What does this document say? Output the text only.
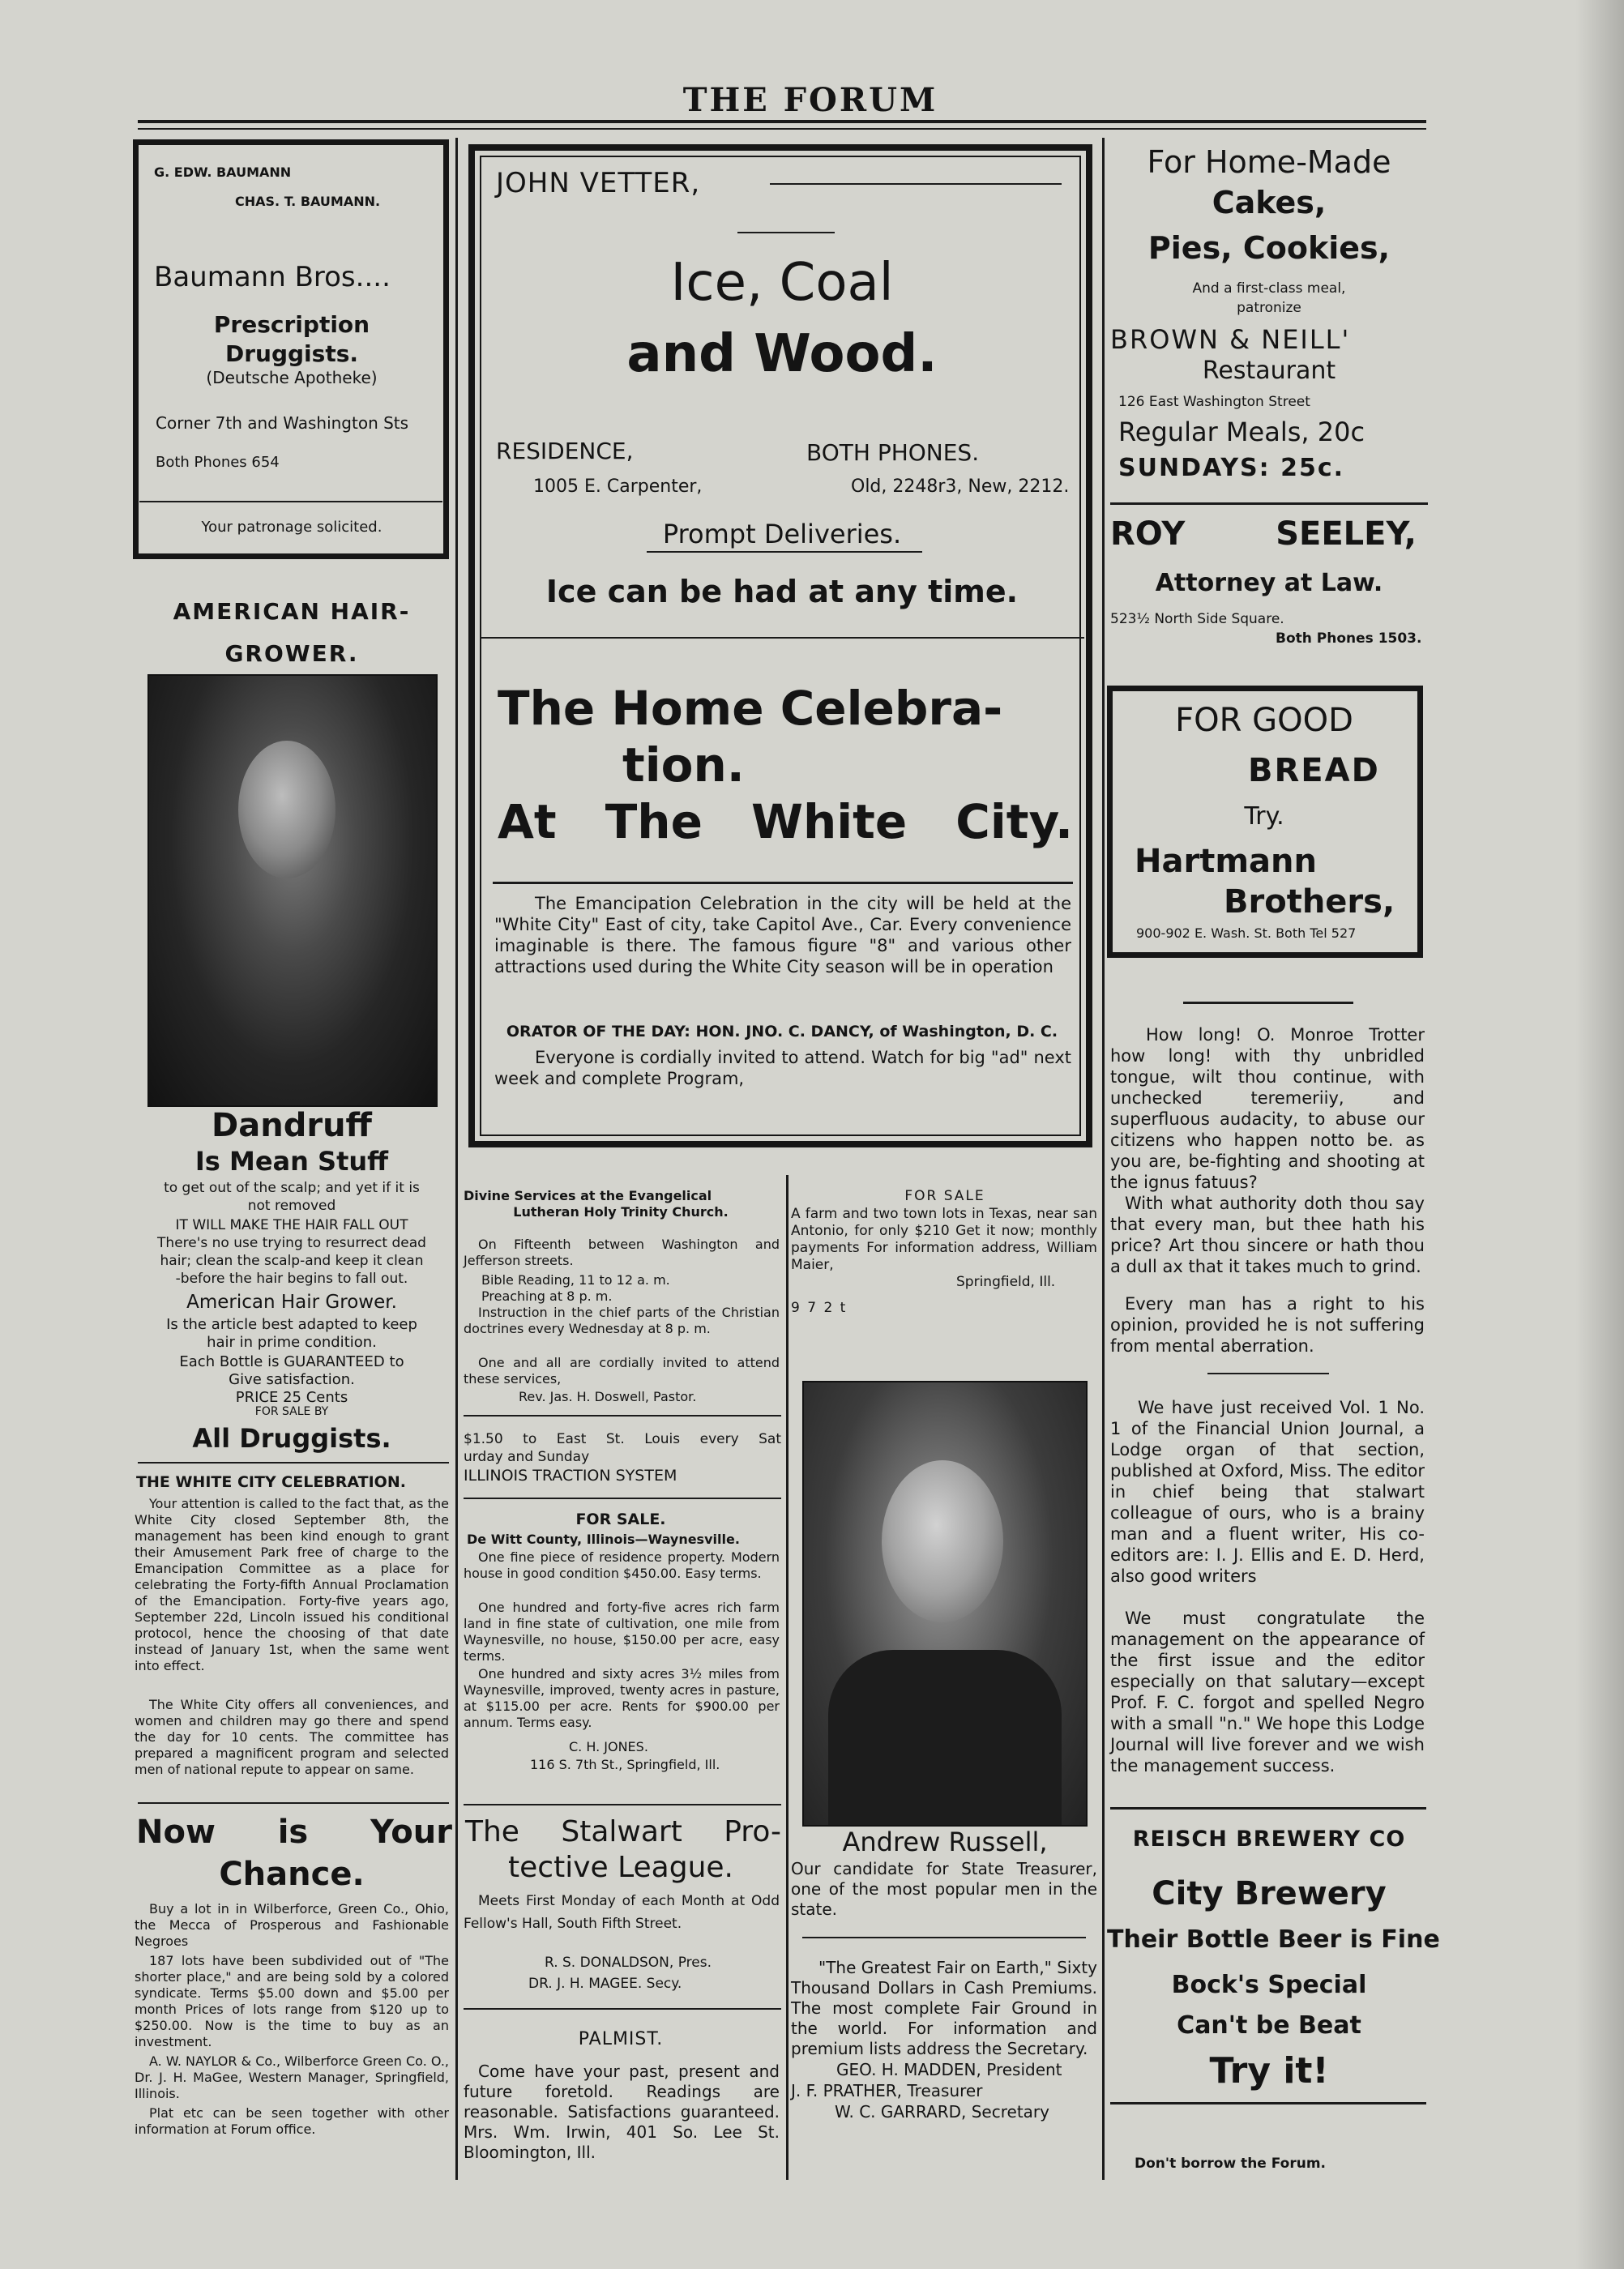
THE FORUM
G. EDW. BAUMANN
CHAS. T. BAUMANN.
Baumann Bros....
Prescription
Druggists.
(Deutsche Apotheke)
Corner 7th and Washington Sts
Both Phones 654
Your patronage solicited.
AMERICAN HAIR-
GROWER.
Dandruff
Is Mean Stuff
to get out of the scalp; and yet if it is
not removed
IT WILL MAKE THE HAIR FALL OUT
There's no use trying to resurrect dead
hair; clean the scalp-and keep it clean
-before the hair begins to fall out.
American Hair Grower.
Is the article best adapted to keep
hair in prime condition.
Each Bottle is GUARANTEED to
Give satisfaction.
PRICE 25 Cents
FOR SALE BY
All Druggists.
THE WHITE CITY CELEBRATION.
Your attention is called to the fact that, as the White City closed September 8th, the management has been kind enough to grant their Amusement Park free of charge to the Emancipation Committee as a place for celebrating the Forty-fifth Annual Proclamation of the Emancipation. Forty-five years ago, September 22d, Lincoln issued his conditional protocol, hence the choosing of that date instead of January 1st, when the same went into effect.
The White City offers all conveniences, and women and children may go there and spend the day for 10 cents. The committee has prepared a magnificent program and selected men of national repute to appear on same.
Now is Your
Chance.
Buy a lot in in Wilberforce, Green Co., Ohio, the Mecca of Prosperous and Fashionable Negroes
187 lots have been subdivided out of "The shorter place," and are being sold by a colored syndicate. Terms $5.00 down and $5.00 per month Prices of lots range from $120 up to $250.00. Now is the time to buy as an investment.
A. W. NAYLOR & Co., Wilberforce Green Co. O., Dr. J. H. MaGee, Western Manager, Springfield, Illinois.
Plat etc can be seen together with other information at Forum office.
JOHN VETTER,
Ice, Coal
and Wood.
RESIDENCE,
1005 E. Carpenter,
BOTH PHONES.
Old, 2248r3, New, 2212.
Prompt Deliveries.
Ice can be had at any time.
The Home Celebra-
tion.
At The White City.
The Emancipation Celebration in the city will be held at the "White City" East of city, take Capitol Ave., Car. Every convenience imaginable is there. The famous figure "8" and various other attractions used during the White City season will be in operation
ORATOR OF THE DAY: HON. JNO. C. DANCY, of Washington, D. C.
Everyone is cordially invited to attend. Watch for big "ad" next week and complete Program,
Divine Services at the Evangelical
Lutheran Holy Trinity Church.
On Fifteenth between Washington and Jefferson streets.
Bible Reading, 11 to 12 a. m.
Preaching at 8 p. m.
Instruction in the chief parts of the Christian doctrines every Wednesday at 8 p. m.
One and all are cordially invited to attend these services,
Rev. Jas. H. Doswell, Pastor.
$1.50 to East St. Louis every Sat
urday and Sunday
ILLINOIS TRACTION SYSTEM
FOR SALE.
De Witt County, Illinois—Waynesville.
One fine piece of residence property. Modern house in good condition $450.00. Easy terms.
One hundred and forty-five acres rich farm land in fine state of cultivation, one mile from Waynesville, no house, $150.00 per acre, easy terms.
One hundred and sixty acres 3½ miles from Waynesville, improved, twenty acres in pasture, at $115.00 per acre. Rents for $900.00 per annum. Terms easy.
C. H. JONES.
116 S. 7th St., Springfield, Ill.
The Stalwart Pro-
tective League.
Meets First Monday of each Month at Odd Fellow's Hall, South Fifth Street.
R. S. DONALDSON, Pres.
DR. J. H. MAGEE. Secy.
PALMIST.
Come have your past, present and future foretold. Readings are reasonable. Satisfactions guaranteed. Mrs. Wm. Irwin, 401 So. Lee St. Bloomington, Ill.
FOR SALE
A farm and two town lots in Texas, near san Antonio, for only $210 Get it now; monthly payments For information address, William Maier,
Springfield, Ill.
9 7 2 t
Andrew Russell,
Our candidate for State Treasurer, one of the most popular men in the state.
"The Greatest Fair on Earth," Sixty Thousand Dollars in Cash Premiums. The most complete Fair Ground in the world. For information and premium lists address the Secretary.
GEO. H. MADDEN, President
J. F. PRATHER, Treasurer
W. C. GARRARD, Secretary
For Home-Made
Cakes,
Pies, Cookies,
And a first-class meal,
patronize
BROWN & NEILL'
Restaurant
126 East Washington Street
Regular Meals, 20c
SUNDAYS: 25c.
ROY SEELEY,
Attorney at Law.
523½ North Side Square.
Both Phones 1503.
FOR GOOD
BREAD
Try.
Hartmann
Brothers,
900-902 E. Wash. St. Both Tel 527
How long! O. Monroe Trotter how long! with thy unbridled tongue, wilt thou continue, with unchecked teremeriiy, and superfluous audacity, to abuse our citizens who happen notto be. as you are, be-fighting and shooting at the ignus fatuus?
With what authority doth thou say that every man, but thee hath his price? Art thou sincere or hath thou a dull ax that it takes much to grind.
Every man has a right to his opinion, provided he is not suffering from mental aberration.
We have just received Vol. 1 No. 1 of the Financial Union Journal, a Lodge organ of that section, published at Oxford, Miss. The editor in chief being that stalwart colleague of ours, who is a brainy man and a fluent writer, His co-editors are: I. J. Ellis and E. D. Herd, also good writers
We must congratulate the management on the appearance of the first issue and the editor especially on that salutary—except Prof. F. C. forgot and spelled Negro with a small "n." We hope this Lodge Journal will live forever and we wish the management success.
REISCH BREWERY CO
City Brewery
Their Bottle Beer is Fine
Bock's Special
Can't be Beat
Try it!
Don't borrow the Forum.
